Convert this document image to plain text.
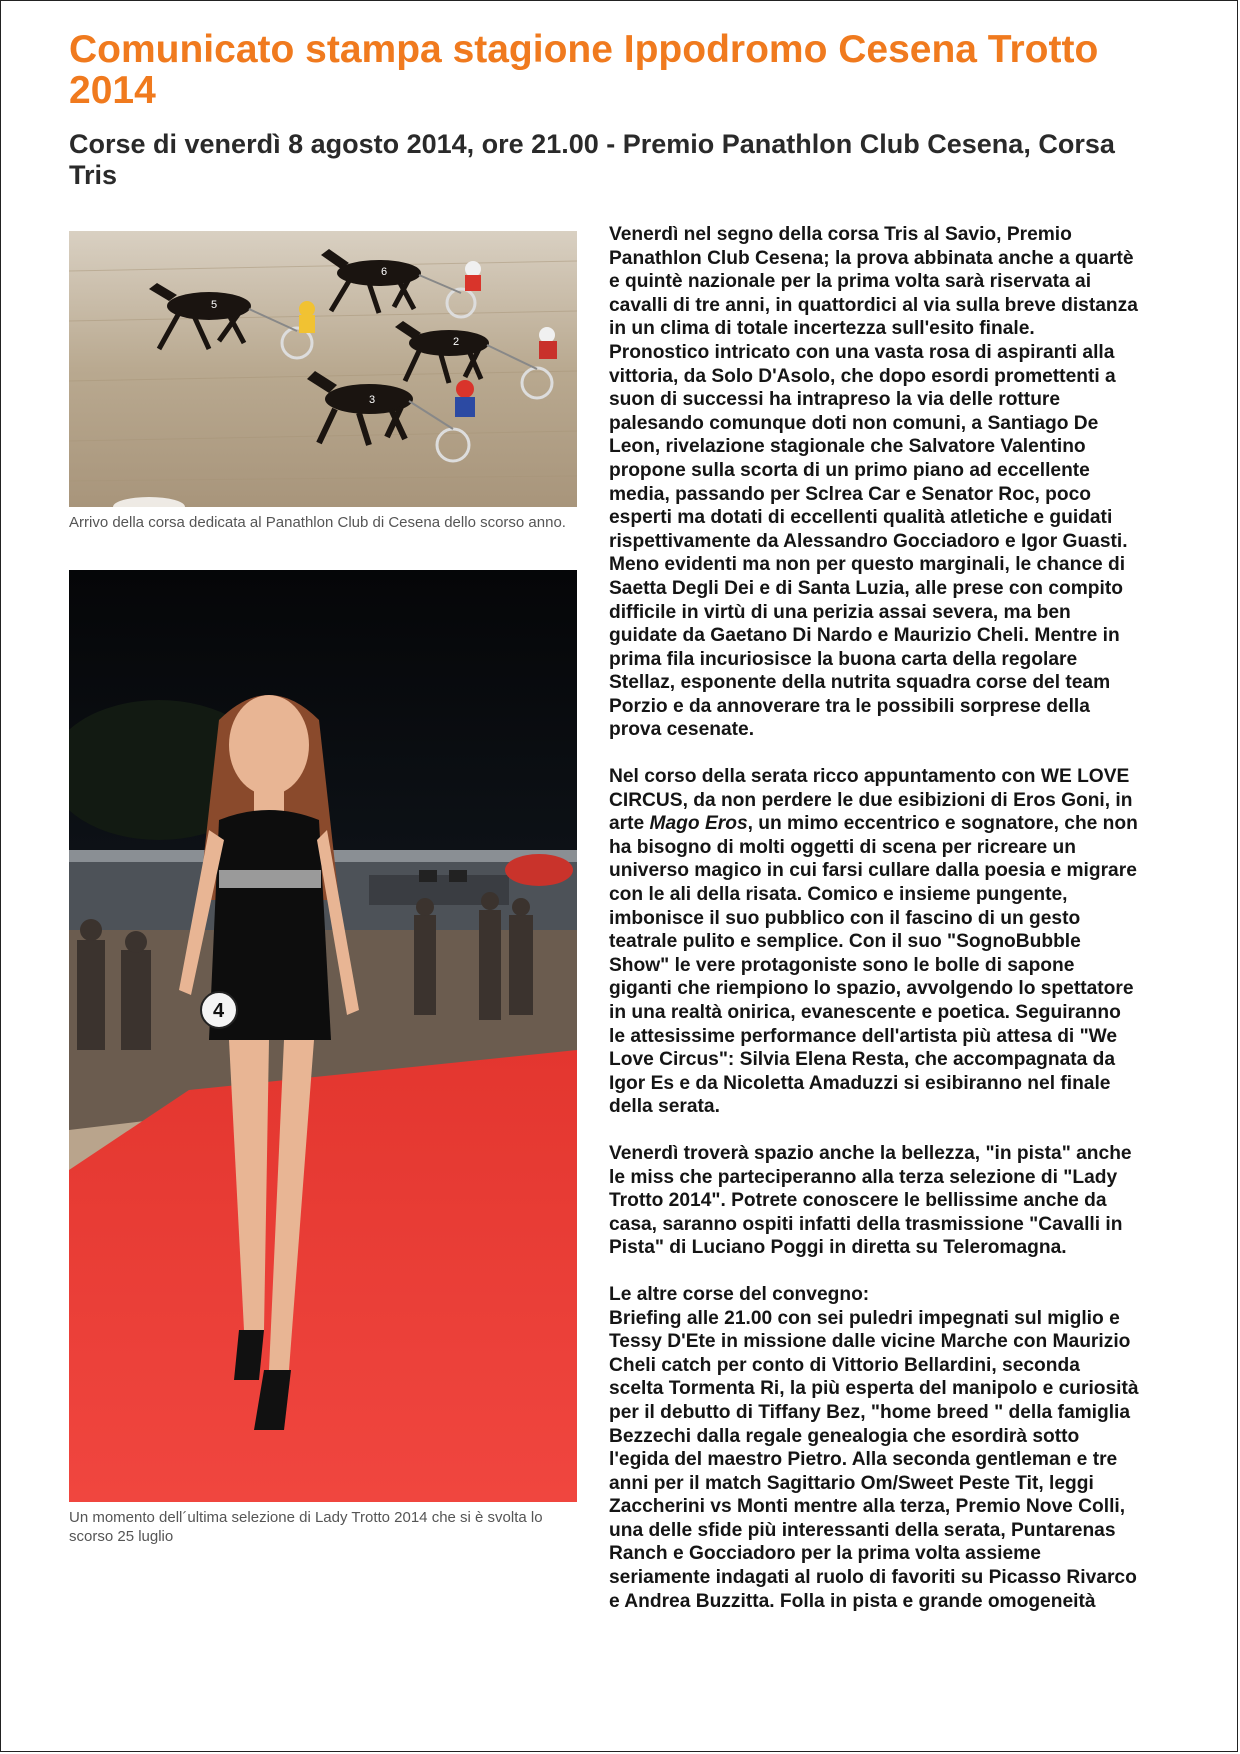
Comunicato stampa stagione Ippodromo Cesena Trotto 2014
Corse di venerdì 8 agosto 2014, ore 21.00 - Premio Panathlon Club Cesena, Corsa Tris
5
6
2
3

Arrivo della corsa dedicata al Panathlon Club di Cesena dello scorso anno.

4

Un momento dell´ultima selezione di Lady Trotto 2014 che si è svolta lo scorso 25 luglio

Venerdì nel segno della corsa Tris al Savio, Premio Panathlon Club Cesena; la prova abbinata anche a quartè e quintè nazionale per la prima volta sarà riservata ai cavalli di tre anni, in quattordici al via sulla breve distanza in un clima di totale incertezza sull'esito finale.

Pronostico intricato con una vasta rosa di aspiranti alla vittoria, da Solo D'Asolo, che dopo esordi promettenti a suon di successi ha intrapreso la via delle rotture palesando comunque doti non comuni, a Santiago De Leon, rivelazione stagionale che Salvatore Valentino propone sulla scorta di un primo piano ad eccellente media, passando per Sclrea Car e Senator Roc, poco esperti ma dotati di eccellenti qualità atletiche e guidati rispettivamente da Alessandro Gocciadoro e Igor Guasti. Meno evidenti ma non per questo marginali, le chance di Saetta Degli Dei e di Santa Luzia, alle prese con compito difficile in virtù di una perizia assai severa, ma ben guidate da Gaetano Di Nardo e Maurizio Cheli. Mentre in prima fila incuriosisce la buona carta della regolare Stellaz, esponente della nutrita squadra corse del team Porzio e da annoverare tra le possibili sorprese della prova cesenate.

Nel corso della serata ricco appuntamento con WE LOVE CIRCUS, da non perdere le due esibizioni di Eros Goni, in arte Mago Eros, un mimo eccentrico e sognatore, che non ha bisogno di molti oggetti di scena per ricreare un universo magico in cui farsi cullare dalla poesia e migrare con le ali della risata. Comico e insieme pungente, imbonisce il suo pubblico con il fascino di un gesto teatrale pulito e semplice. Con il suo "SognoBubble Show" le vere protagoniste sono le bolle di sapone giganti che riempiono lo spazio, avvolgendo lo spettatore in una realtà onirica, evanescente e poetica. Seguiranno le attesissime performance dell'artista più attesa di "We Love Circus": Silvia Elena Resta, che accompagnata da Igor Es e da Nicoletta Amaduzzi si esibiranno nel finale della serata.

Venerdì troverà spazio anche la bellezza, "in pista" anche le miss che parteciperanno alla terza selezione di "Lady Trotto 2014". Potrete conoscere le bellissime anche da casa, saranno ospiti infatti della trasmissione "Cavalli in Pista" di Luciano Poggi in diretta su Teleromagna.

Le altre corse del convegno:
Briefing alle 21.00 con sei puledri impegnati sul miglio e Tessy D'Ete in missione dalle vicine Marche con Maurizio Cheli catch per conto di Vittorio Bellardini, seconda scelta Tormenta Ri, la più esperta del manipolo e curiosità per il debutto di Tiffany Bez, "home breed " della famiglia Bezzechi dalla regale genealogia che esordirà sotto l'egida del maestro Pietro. Alla seconda gentleman e tre anni per il match Sagittario Om/Sweet Peste Tit, leggi Zaccherini vs Monti mentre alla terza, Premio Nove Colli, una delle sfide più interessanti della serata, Puntarenas Ranch e Gocciadoro per la prima volta assieme seriamente indagati al ruolo di favoriti su Picasso Rivarco e Andrea Buzzitta. Folla in pista e grande omogeneità
